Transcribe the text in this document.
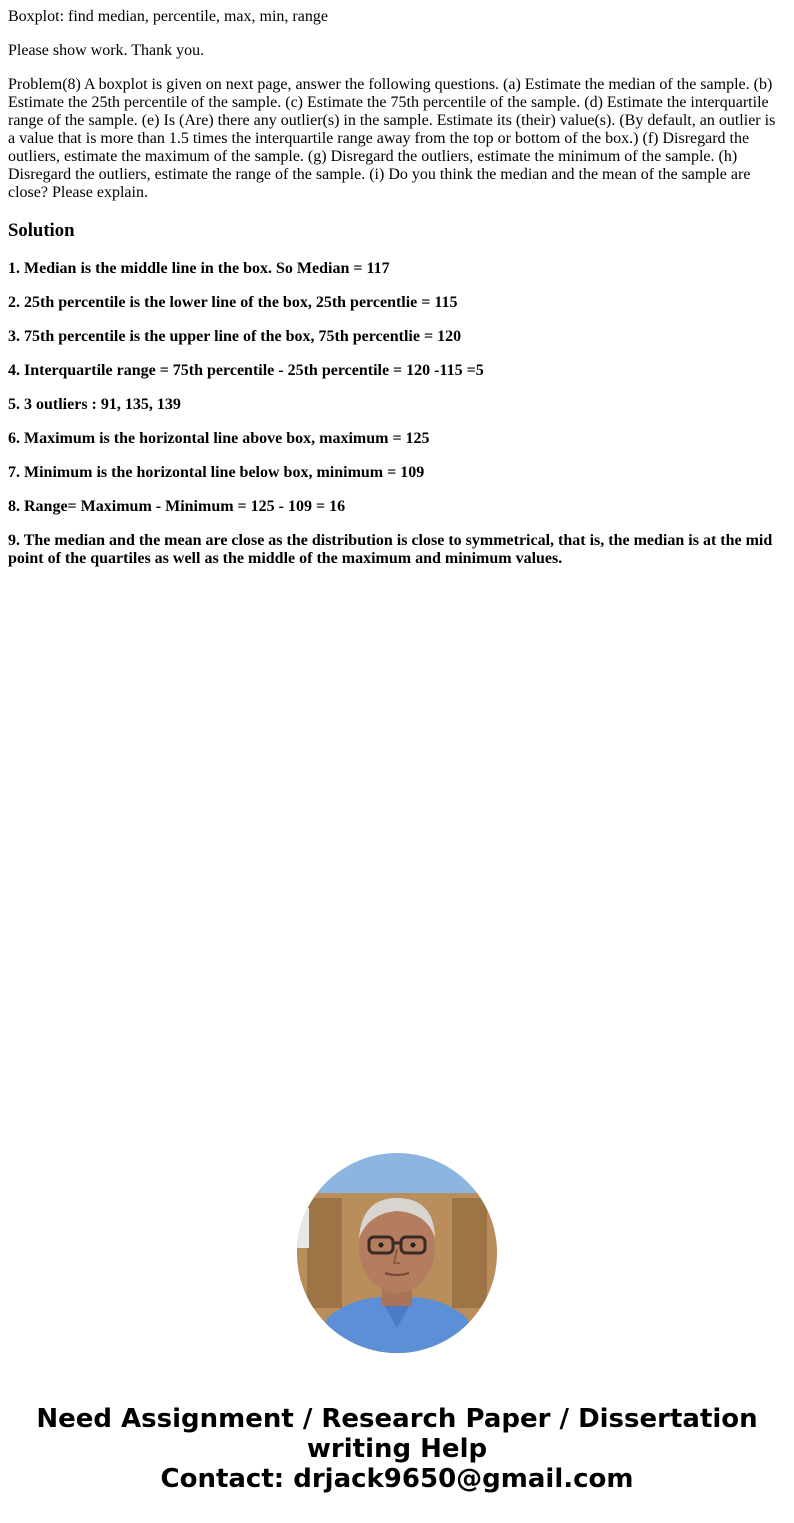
Boxplot: find median, percentile, max, min, range

Please show work. Thank you.

Problem(8) A boxplot is given on next page, answer the following questions. (a) Estimate the median of the sample. (b) Estimate the 25th percentile of the sample. (c) Estimate the 75th percentile of the sample. (d) Estimate the interquartile range of the sample. (e) Is (Are) there any outlier(s) in the sample. Estimate its (their) value(s). (By default, an outlier is a value that is more than 1.5 times the interquartile range away from the top or bottom of the box.) (f) Disregard the outliers, estimate the maximum of the sample. (g) Disregard the outliers, estimate the minimum of the sample. (h) Disregard the outliers, estimate the range of the sample. (i) Do you think the median and the mean of the sample are close? Please explain.

Solution

1. Median is the middle line in the box. So Median = 117

2. 25th percentile is the lower line of the box, 25th percentlie = 115

3. 75th percentile is the upper line of the box, 75th percentlie = 120

4. Interquartile range = 75th percentile - 25th percentile = 120 -115 =5

5. 3 outliers : 91, 135, 139

6. Maximum is the horizontal line above box, maximum = 125

7. Minimum is the horizontal line below box, minimum = 109

8. Range= Maximum - Minimum = 125 - 109 = 16

9. The median and the mean are close as the distribution is close to symmetrical, that is, the median is at the mid point of the quartiles as well as the middle of the maximum and minimum values.

Need Assignment / Research Paper / Dissertation
writing Help
Contact: drjack9650@gmail.com
